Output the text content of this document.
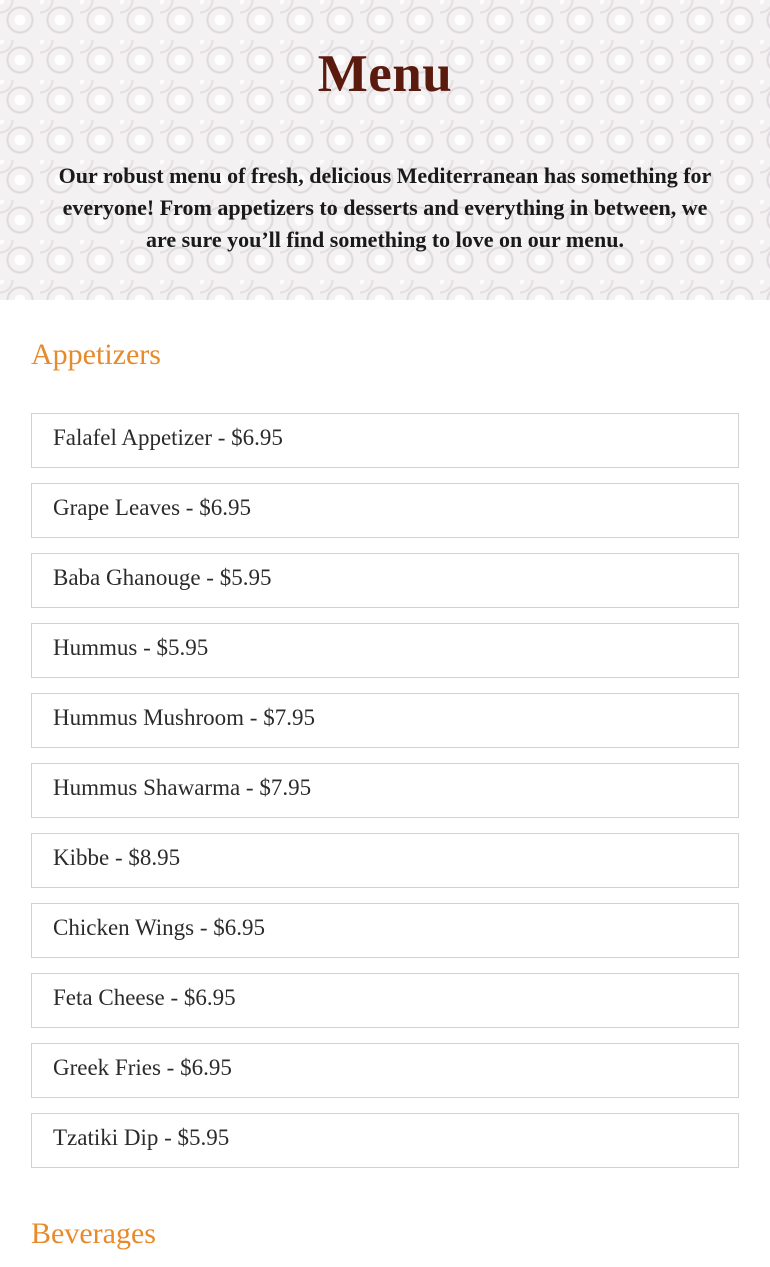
Menu

Our robust menu of fresh, delicious Mediterranean has something for everyone! From appetizers to desserts and everything in between, we are sure you’ll find something to love on our menu.

Appetizers
Falafel Appetizer - $6.95
Grape Leaves - $6.95
Baba Ghanouge - $5.95
Hummus - $5.95
Hummus Mushroom - $7.95
Hummus Shawarma - $7.95
Kibbe - $8.95
Chicken Wings - $6.95
Feta Cheese - $6.95
Greek Fries - $6.95
Tzatiki Dip - $5.95
Beverages
